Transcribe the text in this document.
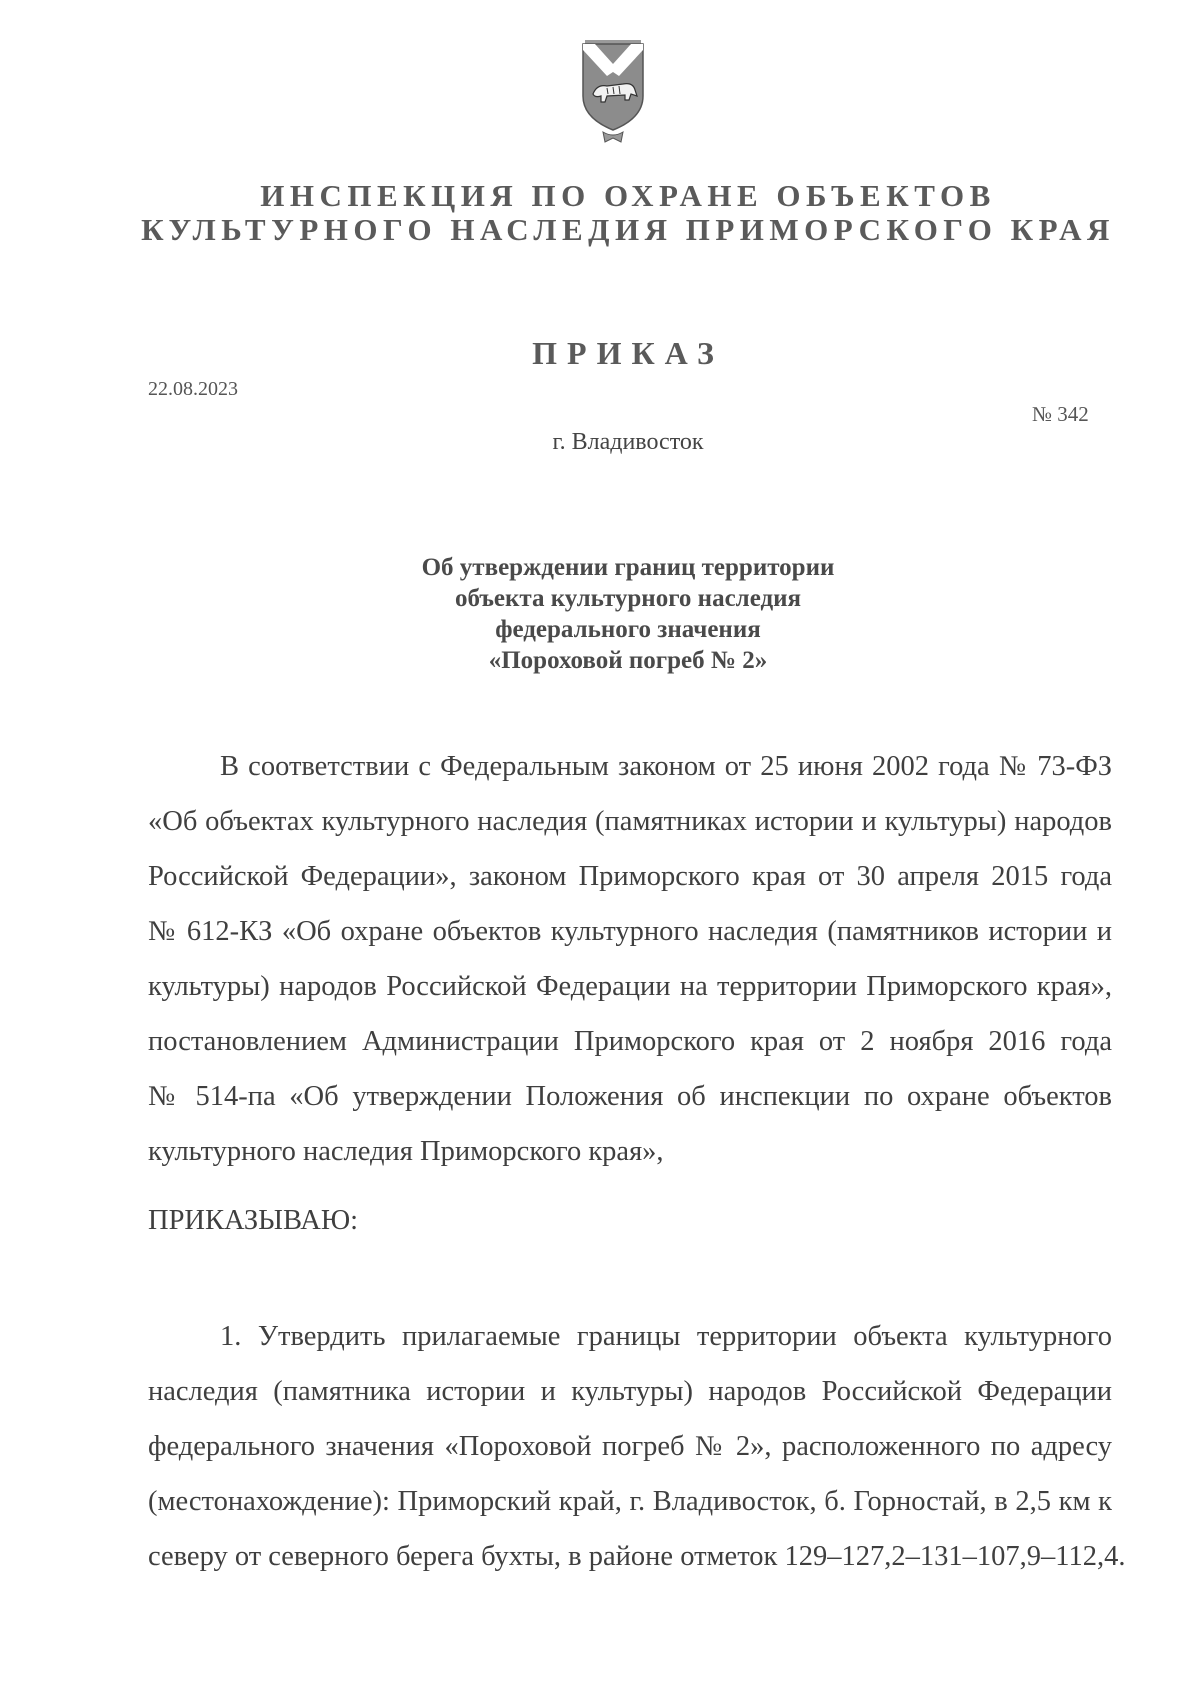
ИНСПЕКЦИЯ ПО ОХРАНЕ ОБЪЕКТОВ
КУЛЬТУРНОГО НАСЛЕДИЯ ПРИМОРСКОГО КРАЯ
ПРИКАЗ
22.08.2023
№ 342
г. Владивосток
Об утверждении границ территории
объекта культурного наследия
федерального значения
«Пороховой погреб № 2»
В соответствии с Федеральным законом от 25 июня 2002 года № 73-ФЗ
«Об объектах культурного наследия (памятниках истории и культуры) народов
Российской Федерации», законом Приморского края от 30 апреля 2015 года
№ 612-КЗ «Об охране объектов культурного наследия (памятников истории и
культуры) народов Российской Федерации на территории Приморского края»,
постановлением Администрации Приморского края от 2 ноября 2016 года
№ 514-па «Об утверждении Положения об инспекции по охране объектов
культурного наследия Приморского края»,
ПРИКАЗЫВАЮ:
1. Утвердить прилагаемые границы территории объекта культурного
наследия (памятника истории и культуры) народов Российской Федерации
федерального значения «Пороховой погреб № 2», расположенного по адресу
(местонахождение): Приморский край, г. Владивосток, б. Горностай, в 2,5 км к
северу от северного берега бухты, в районе отметок 129–127,2–131–107,9–112,4.
